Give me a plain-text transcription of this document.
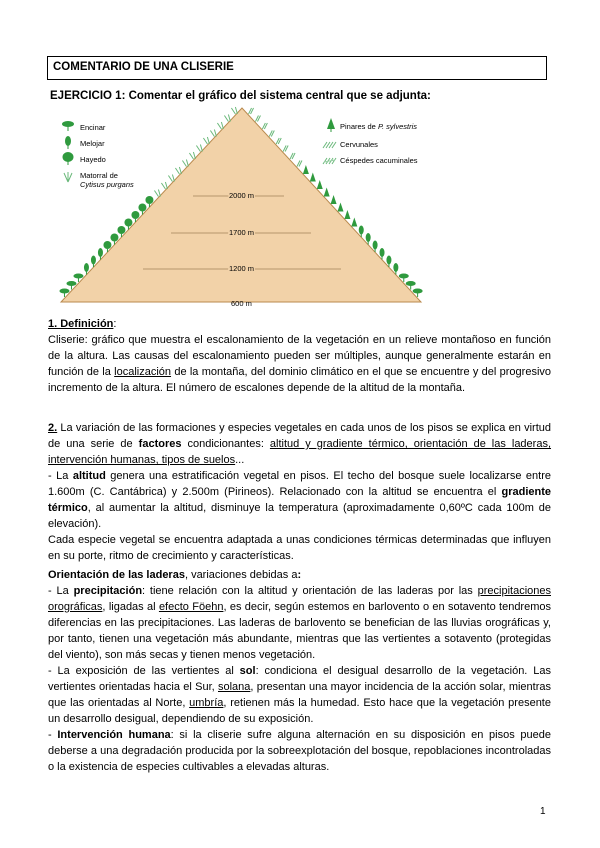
COMENTARIO DE UNA CLISERIE
EJERCICIO 1: Comentar el gráfico del sistema central que se adjunta:
2000 m
1700 m
1200 m
600 m
Encinar
Melojar
Hayedo
Matorral de
Cytisus purgans
Pinares de P. sylvestris
Cervunales
Céspedes cacuminales

1. Definición:
Cliserie: gráfico que muestra el escalonamiento de la vegetación en un relieve montañoso en función de la altura. Las causas del escalonamiento pueden ser múltiples, aunque generalmente estarán en función de la localización de la montaña, del dominio climático en el que se encuentre y del progresivo incremento de la altura. El número de escalones depende de la altitud de la montaña.

2. La variación de las formaciones y especies vegetales en cada unos de los pisos se explica en virtud de una serie de factores condicionantes: altitud y gradiente térmico, orientación de las laderas, intervención humanas, tipos de suelos...

- La altitud genera una estratificación vegetal en pisos. El techo del bosque suele localizarse entre 1.600m (C. Cantábrica) y 2.500m (Pirineos). Relacionado con la altitud se encuentra el gradiente térmico, al aumentar la altitud, disminuye la temperatura (aproximadamente 0,60ºC cada 100m de elevación).

Cada especie vegetal se encuentra adaptada a unas condiciones térmicas determinadas que influyen en su porte, ritmo de crecimiento y características.

Orientación de las laderas, variaciones debidas a:

- La precipitación: tiene relación con la altitud y orientación de las laderas por las precipitaciones orográficas, ligadas al efecto Föehn, es decir, según estemos en barlovento o en sotavento tendremos diferencias en las precipitaciones. Las laderas de barlovento se benefician de las lluvias orográficas y, por tanto, tienen una vegetación más abundante, mientras que las vertientes a sotavento (protegidas del viento), son más secas y tienen menos vegetación.

- La exposición de las vertientes al sol: condiciona el desigual desarrollo de la vegetación. Las vertientes orientadas hacia el Sur, solana, presentan una mayor incidencia de la acción solar, mientras que las orientadas al Norte, umbría, retienen más la humedad. Esto hace que la vegetación presente un desarrollo desigual, dependiendo de su exposición.

- Intervención humana: si la cliserie sufre alguna alternación en su disposición en pisos puede deberse a una degradación producida por la sobreexplotación del bosque, repoblaciones incontroladas o la existencia de especies cultivables a elevadas alturas.

1
